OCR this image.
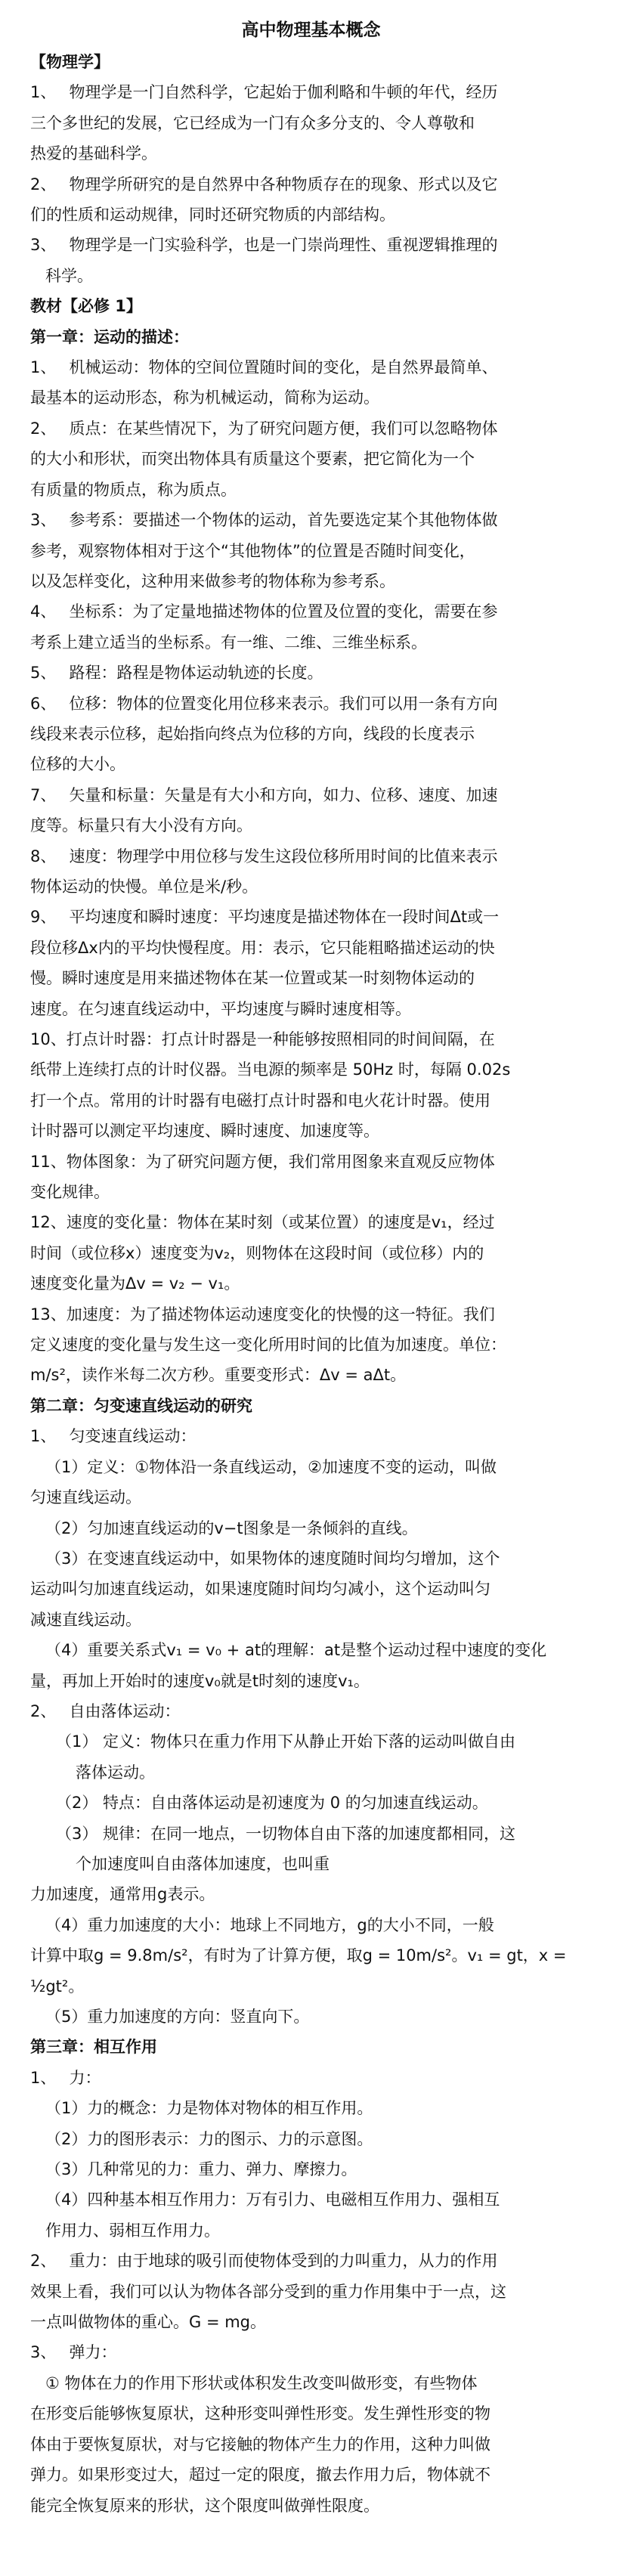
高中物理基本概念
【物理学】
1、　 物理学是一门自然科学，它起始于伽利略和牛顿的年代，经历
三个多世纪的发展，它已经成为一门有众多分支的、令人尊敬和
热爱的基础科学。
2、　 物理学所研究的是自然界中各种物质存在的现象、形式以及它
们的性质和运动规律，同时还研究物质的内部结构。
3、　 物理学是一门实验科学，也是一门崇尚理性、重视逻辑推理的
科学。
教材【必修 1】
第一章：运动的描述：
1、　 机械运动：物体的空间位置随时间的变化，是自然界最简单、
最基本的运动形态，称为机械运动，简称为运动。
2、　 质点：在某些情况下，为了研究问题方便，我们可以忽略物体
的大小和形状，而突出物体具有质量这个要素，把它简化为一个
有质量的物质点，称为质点。
3、　 参考系：要描述一个物体的运动，首先要选定某个其他物体做
参考，观察物体相对于这个“其他物体”的位置是否随时间变化，
以及怎样变化，这种用来做参考的物体称为参考系。
4、　 坐标系：为了定量地描述物体的位置及位置的变化，需要在参
考系上建立适当的坐标系。有一维、二维、三维坐标系。
5、　 路程：路程是物体运动轨迹的长度。
6、　 位移：物体的位置变化用位移来表示。我们可以用一条有方向
线段来表示位移，起始指向终点为位移的方向，线段的长度表示
位移的大小。
7、　 矢量和标量：矢量是有大小和方向，如力、位移、速度、加速
度等。标量只有大小没有方向。
8、　 速度：物理学中用位移与发生这段位移所用时间的比值来表示
物体运动的快慢。单位是米/秒。
9、　 平均速度和瞬时速度：平均速度是描述物体在一段时间Δt或一
段位移Δx内的平均快慢程度。用：表示，它只能粗略描述运动的快
慢。瞬时速度是用来描述物体在某一位置或某一时刻物体运动的
速度。在匀速直线运动中，平均速度与瞬时速度相等。
10、打点计时器：打点计时器是一种能够按照相同的时间间隔，在
纸带上连续打点的计时仪器。当电源的频率是 50Hz 时，每隔 0.02s
打一个点。常用的计时器有电磁打点计时器和电火花计时器。使用
计时器可以测定平均速度、瞬时速度、加速度等。
11、物体图象：为了研究问题方便，我们常用图象来直观反应物体
变化规律。
12、速度的变化量：物体在某时刻（或某位置）的速度是v₁，经过
时间（或位移x）速度变为v₂，则物体在这段时间（或位移）内的
速度变化量为Δv = v₂ − v₁。
13、加速度：为了描述物体运动速度变化的快慢的这一特征。我们
定义速度的变化量与发生这一变化所用时间的比值为加速度。单位：
m/s²，读作米每二次方秒。重要变形式：Δv = aΔt。
第二章：匀变速直线运动的研究
1、　 匀变速直线运动：
（1）定义：①物体沿一条直线运动，②加速度不变的运动，叫做
匀速直线运动。
（2）匀加速直线运动的v−t图象是一条倾斜的直线。
（3）在变速直线运动中，如果物体的速度随时间均匀增加，这个
运动叫匀加速直线运动，如果速度随时间均匀减小，这个运动叫匀
减速直线运动。
（4）重要关系式v₁ = v₀ + at的理解：at是整个运动过程中速度的变化
量，再加上开始时的速度v₀就是t时刻的速度v₁。
2、　 自由落体运动：
（1） 定义：物体只在重力作用下从静止开始下落的运动叫做自由
落体运动。
（2） 特点：自由落体运动是初速度为 0 的匀加速直线运动。
（3） 规律：在同一地点，一切物体自由下落的加速度都相同，这
个加速度叫自由落体加速度，也叫重
力加速度，通常用g表示。
（4）重力加速度的大小：地球上不同地方，g的大小不同，一般
计算中取g = 9.8m/s²，有时为了计算方便，取g = 10m/s²。v₁ = gt，x = ½gt²。
（5）重力加速度的方向：竖直向下。
第三章：相互作用
1、　 力：
（1）力的概念：力是物体对物体的相互作用。
（2）力的图形表示：力的图示、力的示意图。
（3）几种常见的力：重力、弹力、摩擦力。
（4）四种基本相互作用力：万有引力、电磁相互作用力、强相互
作用力、弱相互作用力。
2、　 重力：由于地球的吸引而使物体受到的力叫重力，从力的作用
效果上看，我们可以认为物体各部分受到的重力作用集中于一点，这
一点叫做物体的重心。G = mg。
3、　 弹力：
① 物体在力的作用下形状或体积发生改变叫做形变，有些物体
在形变后能够恢复原状，这种形变叫弹性形变。发生弹性形变的物
体由于要恢复原状，对与它接触的物体产生力的作用，这种力叫做
弹力。如果形变过大，超过一定的限度，撤去作用力后，物体就不
能完全恢复原来的形状，这个限度叫做弹性限度。
